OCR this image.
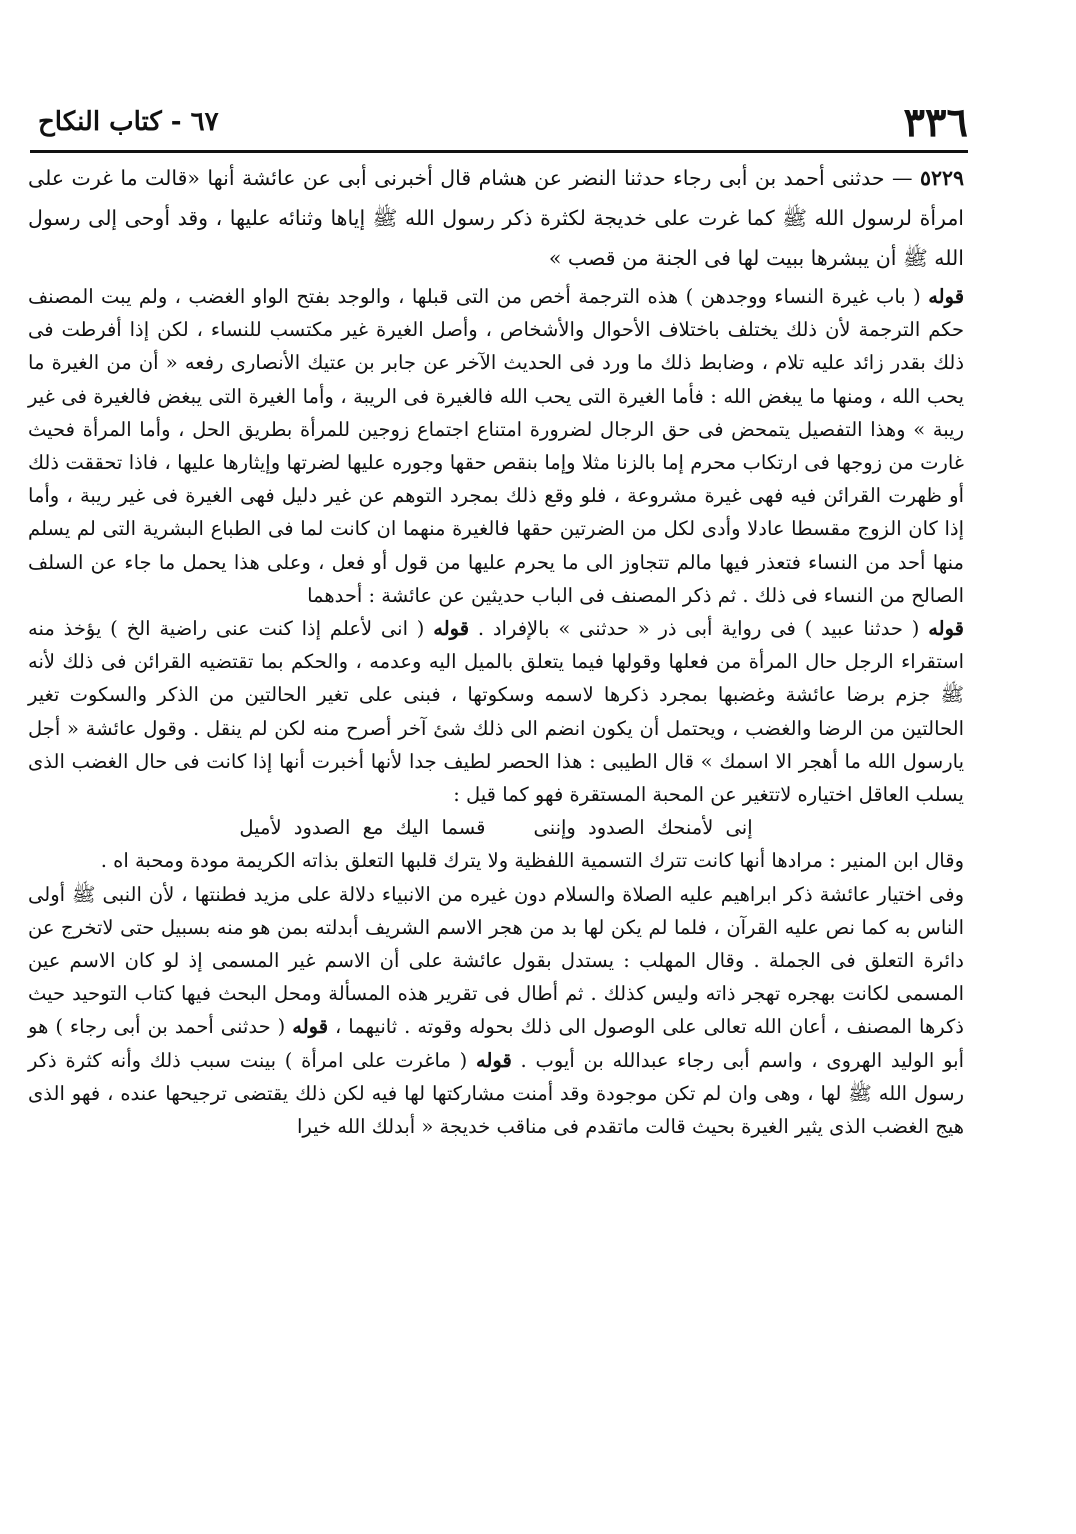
٣٣٦
٦٧ - كتاب النكاح

٥٢٢٩ — حدثنى أحمد بن أبى رجاء حدثنا النضر عن هشام قال أخبرنى أبى عن عائشة أنها «قالت ما غرت على امرأة لرسول الله ﷺ كما غرت على خديجة لكثرة ذكر رسول الله ﷺ إياها وثنائه عليها ، وقد أوحى إلى رسول الله ﷺ أن يبشرها ببيت لها فى الجنة من قصب »

قوله ( باب غيرة النساء ووجدهن ) هذه الترجمة أخص من التى قبلها ، والوجد بفتح الواو الغضب ، ولم يبت المصنف حكم الترجمة لأن ذلك يختلف باختلاف الأحوال والأشخاص ، وأصل الغيرة غير مكتسب للنساء ، لكن إذا أفرطت فى ذلك بقدر زائد عليه تلام ، وضابط ذلك ما ورد فى الحديث الآخر عن جابر بن عتيك الأنصارى رفعه « أن من الغيرة ما يحب الله ، ومنها ما يبغض الله : فأما الغيرة التى يحب الله فالغيرة فى الريبة ، وأما الغيرة التى يبغض فالغيرة فى غير ريبة » وهذا التفصيل يتمحض فى حق الرجال لضرورة امتناع اجتماع زوجين للمرأة بطريق الحل ، وأما المرأة فحيث غارت من زوجها فى ارتكاب محرم إما بالزنا مثلا وإما بنقص حقها وجوره عليها لضرتها وإيثارها عليها ، فاذا تحققت ذلك أو ظهرت القرائن فيه فهى غيرة مشروعة ، فلو وقع ذلك بمجرد التوهم عن غير دليل فهى الغيرة فى غير ريبة ، وأما إذا كان الزوج مقسطا عادلا وأدى لكل من الضرتين حقها فالغيرة منهما ان كانت لما فى الطباع البشرية التى لم يسلم منها أحد من النساء فتعذر فيها مالم تتجاوز الى ما يحرم عليها من قول أو فعل ، وعلى هذا يحمل ما جاء عن السلف الصالح من النساء فى ذلك . ثم ذكر المصنف فى الباب حديثين عن عائشة : أحدهما

قوله ( حدثنا عبيد ) فى رواية أبى ذر « حدثنى » بالإفراد . قوله ( انى لأعلم إذا كنت عنى راضية الخ ) يؤخذ منه استقراء الرجل حال المرأة من فعلها وقولها فيما يتعلق بالميل اليه وعدمه ، والحكم بما تقتضيه القرائن فى ذلك لأنه ﷺ جزم برضا عائشة وغضبها بمجرد ذكرها لاسمه وسكوتها ، فبنى على تغير الحالتين من الذكر والسكوت تغير الحالتين من الرضا والغضب ، ويحتمل أن يكون انضم الى ذلك شئ آخر أصرح منه لكن لم ينقل . وقول عائشة « أجل يارسول الله ما أهجر الا اسمك » قال الطيبى : هذا الحصر لطيف جدا لأنها أخبرت أنها إذا كانت فى حال الغضب الذى يسلب العاقل اختياره لاتتغير عن المحبة المستقرة فهو كما قيل :

إنى لأمنحك الصدود وإننىقسما اليك مع الصدود لأميل

وقال ابن المنير : مرادها أنها كانت تترك التسمية اللفظية ولا يترك قلبها التعلق بذاته الكريمة مودة ومحبة اه .

وفى اختيار عائشة ذكر ابراهيم عليه الصلاة والسلام دون غيره من الانبياء دلالة على مزيد فطنتها ، لأن النبى ﷺ أولى الناس به كما نص عليه القرآن ، فلما لم يكن لها بد من هجر الاسم الشريف أبدلته بمن هو منه بسبيل حتى لاتخرج عن دائرة التعلق فى الجملة . وقال المهلب : يستدل بقول عائشة على أن الاسم غير المسمى إذ لو كان الاسم عين المسمى لكانت بهجره تهجر ذاته وليس كذلك . ثم أطال فى تقرير هذه المسألة ومحل البحث فيها كتاب التوحيد حيث ذكرها المصنف ، أعان الله تعالى على الوصول الى ذلك بحوله وقوته . ثانيهما ، قوله ( حدثنى أحمد بن أبى رجاء ) هو أبو الوليد الهروى ، واسم أبى رجاء عبدالله بن أيوب . قوله ( ماغرت على امرأة ) بينت سبب ذلك وأنه كثرة ذكر رسول الله ﷺ لها ، وهى وان لم تكن موجودة وقد أمنت مشاركتها لها فيه لكن ذلك يقتضى ترجيحها عنده ، فهو الذى هيج الغضب الذى يثير الغيرة بحيث قالت ماتقدم فى مناقب خديجة « أبدلك الله خيرا
